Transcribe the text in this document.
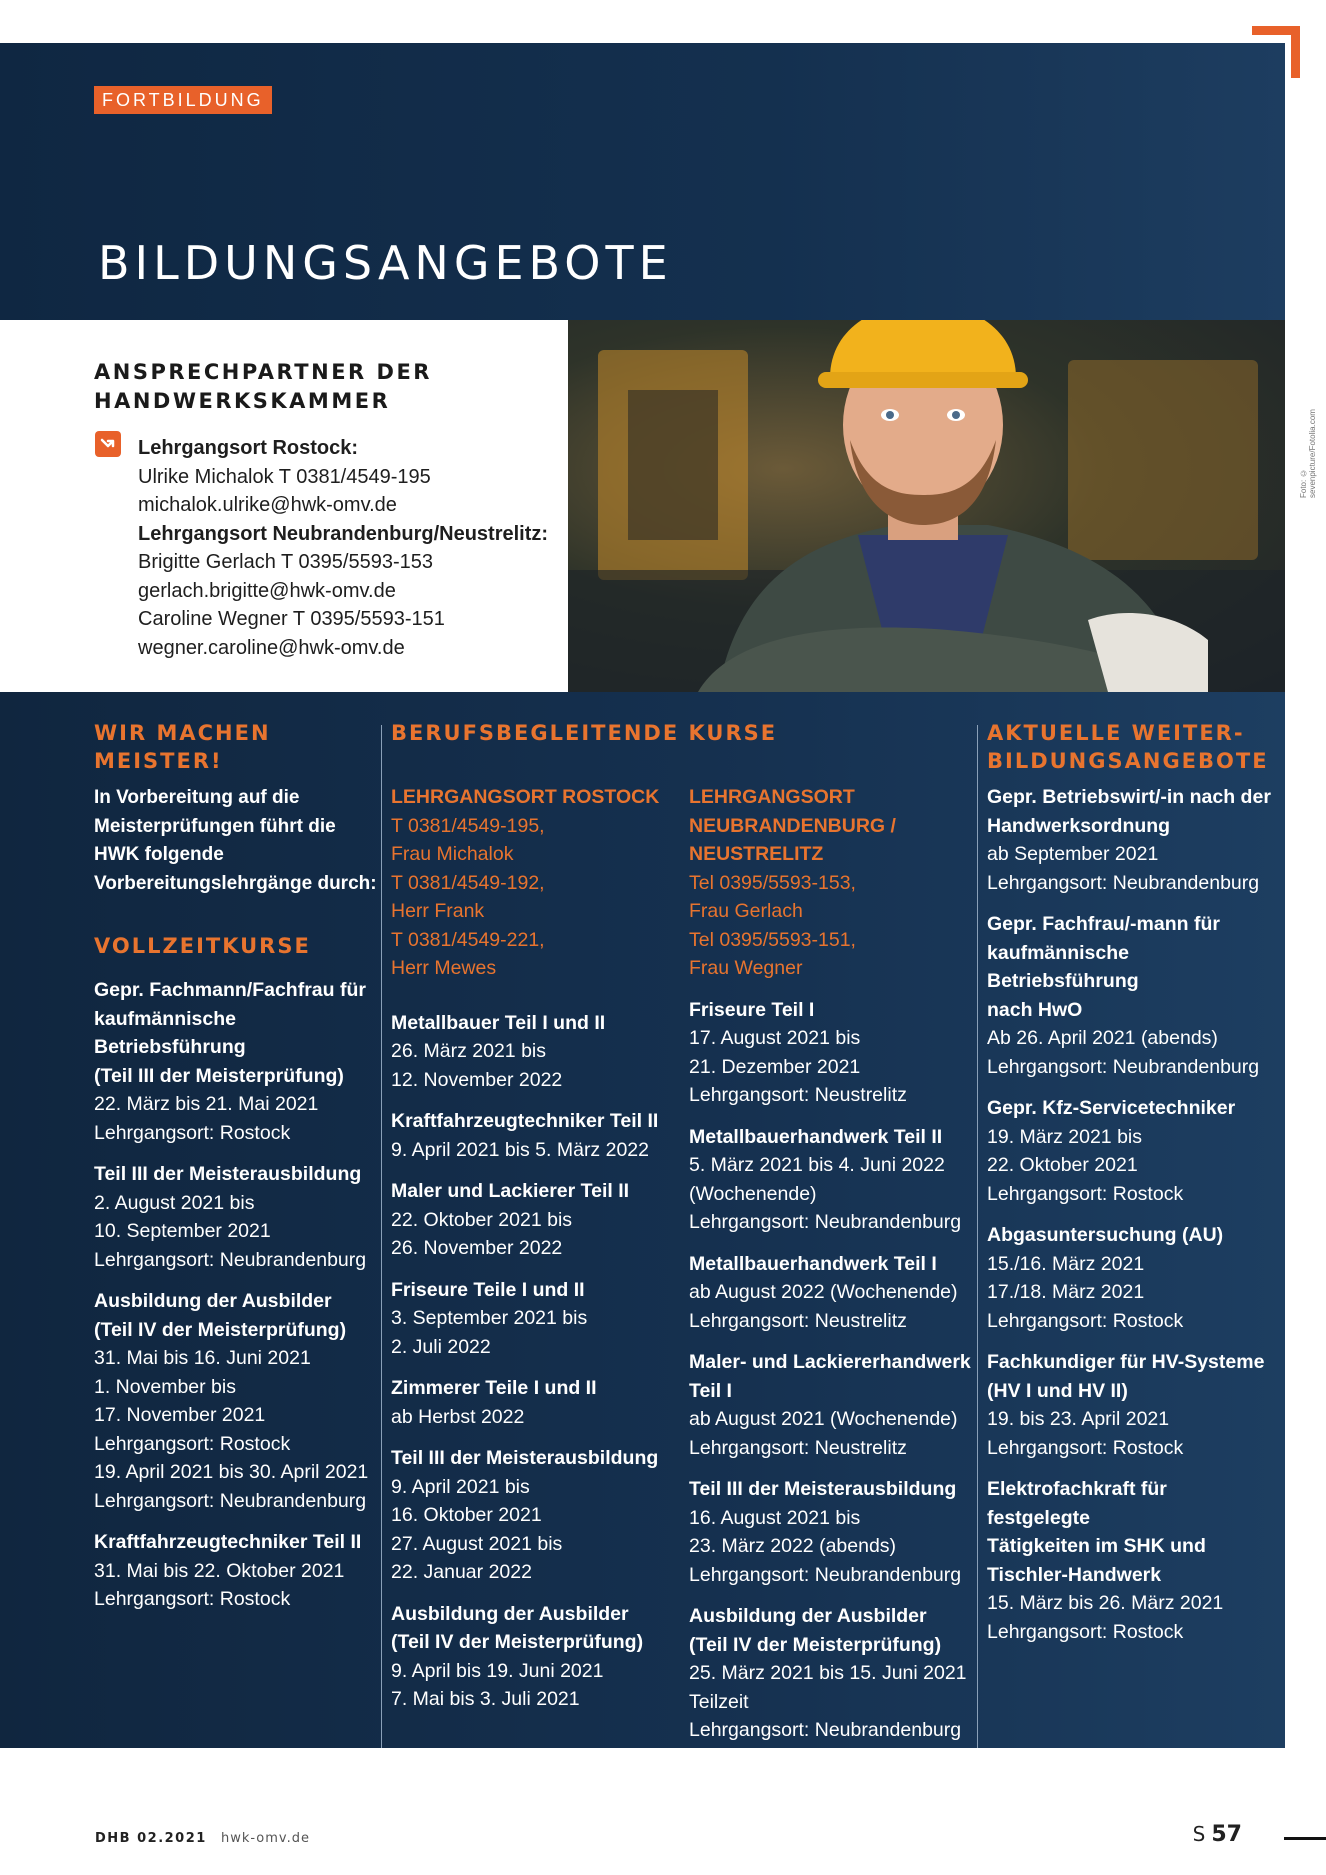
FORTBILDUNG
BILDUNGSANGEBOTE
Foto: © sevenpicture/Fotolia.com
ANSPRECHPARTNER DER HANDWERKSKAMMER
Lehrgangsort Rostock:
Ulrike Michalok T 0381/4549-195
michalok.ulrike@hwk-omv.de
Lehrgangsort Neubrandenburg/Neustrelitz:
Brigitte Gerlach T 0395/5593-153
gerlach.brigitte@hwk-omv.de
Caroline Wegner T 0395/5593-151
wegner.caroline@hwk-omv.de
WIR MACHEN MEISTER!
In Vorbereitung auf die Meisterprüfungen führt die HWK folgende Vorbereitungslehrgänge durch:
VOLLZEITKURSE
Gepr. Fachmann/Fachfrau für
kaufmännische Betriebsführung
(Teil III der Meisterprüfung)
22. März bis 21. Mai 2021
Lehrgangsort: Rostock
Teil III der Meisterausbildung
2. August 2021 bis
10. September 2021
Lehrgangsort: Neubrandenburg
Ausbildung der Ausbilder
(Teil IV der Meisterprüfung)
31. Mai bis 16. Juni 2021
1. November bis
17. November 2021
Lehrgangsort: Rostock
19. April 2021 bis 30. April 2021
Lehrgangsort: Neubrandenburg
Kraftfahrzeugtechniker Teil II
31. Mai bis 22. Oktober 2021
Lehrgangsort: Rostock
BERUFSBEGLEITENDE KURSE
LEHRGANGSORT ROSTOCK
T 0381/4549-195,
Frau Michalok
T 0381/4549-192,
Herr Frank
T 0381/4549-221,
Herr Mewes
Metallbauer Teil I und II
26. März 2021 bis
12. November 2022
Kraftfahrzeugtechniker Teil II
9. April 2021 bis 5. März 2022
Maler und Lackierer Teil II
22. Oktober 2021 bis
26. November 2022
Friseure Teile I und II
3. September 2021 bis
2. Juli 2022
Zimmerer Teile I und II
ab Herbst 2022
Teil III der Meisterausbildung
9. April 2021 bis
16. Oktober 2021
27. August 2021 bis
22. Januar 2022
Ausbildung der Ausbilder
(Teil IV der Meisterprüfung)
9. April bis 19. Juni 2021
7. Mai bis 3. Juli 2021
LEHRGANGSORT
NEUBRANDENBURG / NEUSTRELITZ
Tel 0395/5593-153,
Frau Gerlach
Tel 0395/5593-151,
Frau Wegner
Friseure Teil I
17. August 2021 bis
21. Dezember 2021
Lehrgangsort: Neustrelitz
Metallbauerhandwerk Teil II
5. März 2021 bis 4. Juni 2022
(Wochenende)
Lehrgangsort: Neubrandenburg
Metallbauerhandwerk Teil I
ab August 2022 (Wochenende)
Lehrgangsort: Neustrelitz
Maler- und Lackiererhandwerk
Teil I
ab August 2021 (Wochenende)
Lehrgangsort: Neustrelitz
Teil III der Meisterausbildung
16. August 2021 bis
23. März 2022 (abends)
Lehrgangsort: Neubrandenburg
Ausbildung der Ausbilder
(Teil IV der Meisterprüfung)
25. März 2021 bis 15. Juni 2021
Teilzeit
Lehrgangsort: Neubrandenburg
AKTUELLE WEITER-BILDUNGSANGEBOTE
Gepr. Betriebswirt/-in nach der
Handwerksordnung
ab September 2021
Lehrgangsort: Neubrandenburg
Gepr. Fachfrau/-mann für
kaufmännische Betriebsführung
nach HwO
Ab 26. April 2021 (abends)
Lehrgangsort: Neubrandenburg
Gepr. Kfz-Servicetechniker
19. März 2021 bis
22. Oktober 2021
Lehrgangsort: Rostock
Abgasuntersuchung (AU)
15./16. März 2021
17./18. März 2021
Lehrgangsort: Rostock
Fachkundiger für HV-Systeme
(HV I und HV II)
19. bis 23. April 2021
Lehrgangsort: Rostock
Elektrofachkraft für festgelegte
Tätigkeiten im SHK und
Tischler-Handwerk
15. März bis 26. März 2021
Lehrgangsort: Rostock
DHB 02.2021 hwk-omv.de	S 57
